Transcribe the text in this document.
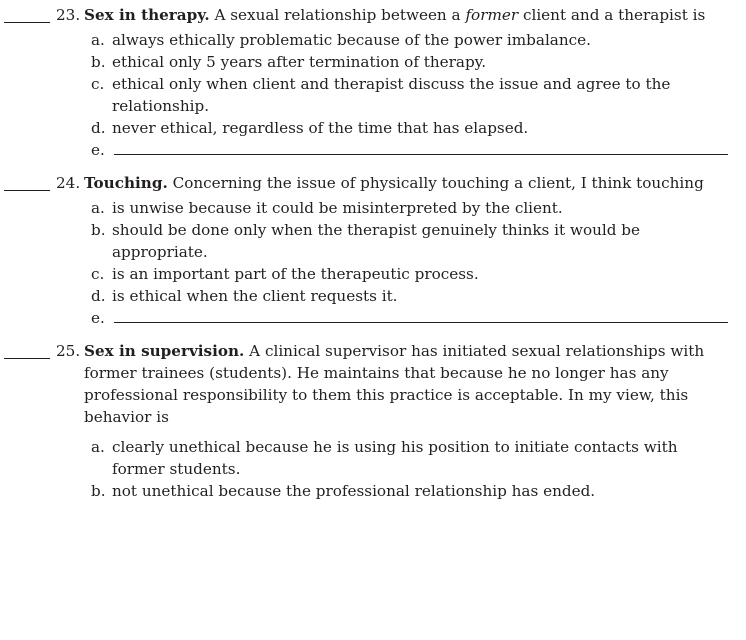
23. Sex in therapy. A sexual relationship between a former client and a therapist is
a. always ethically problematic because of the power imbalance.
b. ethical only 5 years after termination of therapy.
c. ethical only when client and therapist discuss the issue and agree to the relationship.
d. never ethical, regardless of the time that has elapsed.
e.
24. Touching. Concerning the issue of physically touching a client, I think touching
a. is unwise because it could be misinterpreted by the client.
b. should be done only when the therapist genuinely thinks it would be appropriate.
c. is an important part of the therapeutic process.
d. is ethical when the client requests it.
e.
25. Sex in supervision. A clinical supervisor has initiated sexual relationships with former trainees (students). He maintains that because he no longer has any professional responsibility to them this practice is acceptable. In my view, this behavior is
a. clearly unethical because he is using his position to initiate contacts with former students.
b. not unethical because the professional relationship has ended.
